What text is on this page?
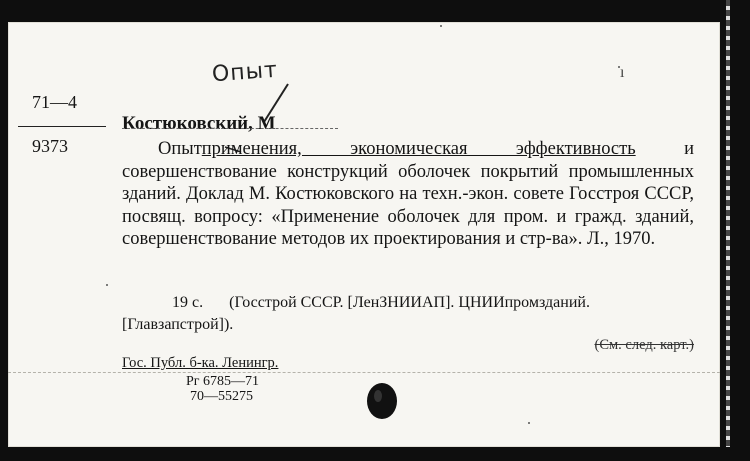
Опыт	ı
71—4
9373
Костюковский, М
Опытприменения, экономическая эффективность и совершенствование конструкций оболочек покрытий промышленных зданий. Доклад М. Костюковского на техн.-экон. совете Госстроя СССР, посвящ. вопросу: «Применение оболочек для пром. и гражд. зданий, совершенствование методов их проектирования и стр-ва». Л., 1970.
19 с. (Госстрой СССР. [ЛенЗНИИАП]. ЦНИИпромзданий. [Главзапстрой]).
(См. след. карт.)
Гос. Публ. б-ка. Ленингр.
Рг 6785—71
70—55275
